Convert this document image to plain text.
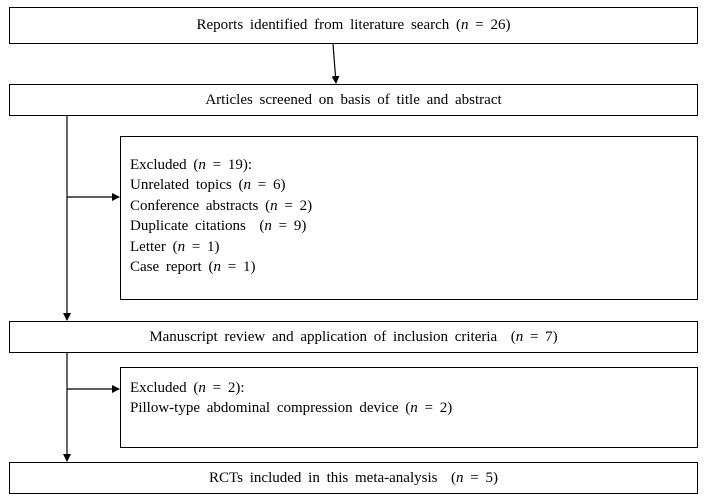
Reports identified from literature search ( n = 26 )
Articles screened on basis of title and abstract
Excluded (n = 19):
Unrelated topics (n = 6)
Conference abstracts (n = 2)
Duplicate citations  (n = 9)
Letter (n = 1)
Case report (n = 1)
Manuscript review and application of inclusion criteria ( n = 7 )
Excluded (n = 2):
Pillow-type abdominal compression device (n = 2)
RCTs included in this meta-analysis ( n = 5 )
